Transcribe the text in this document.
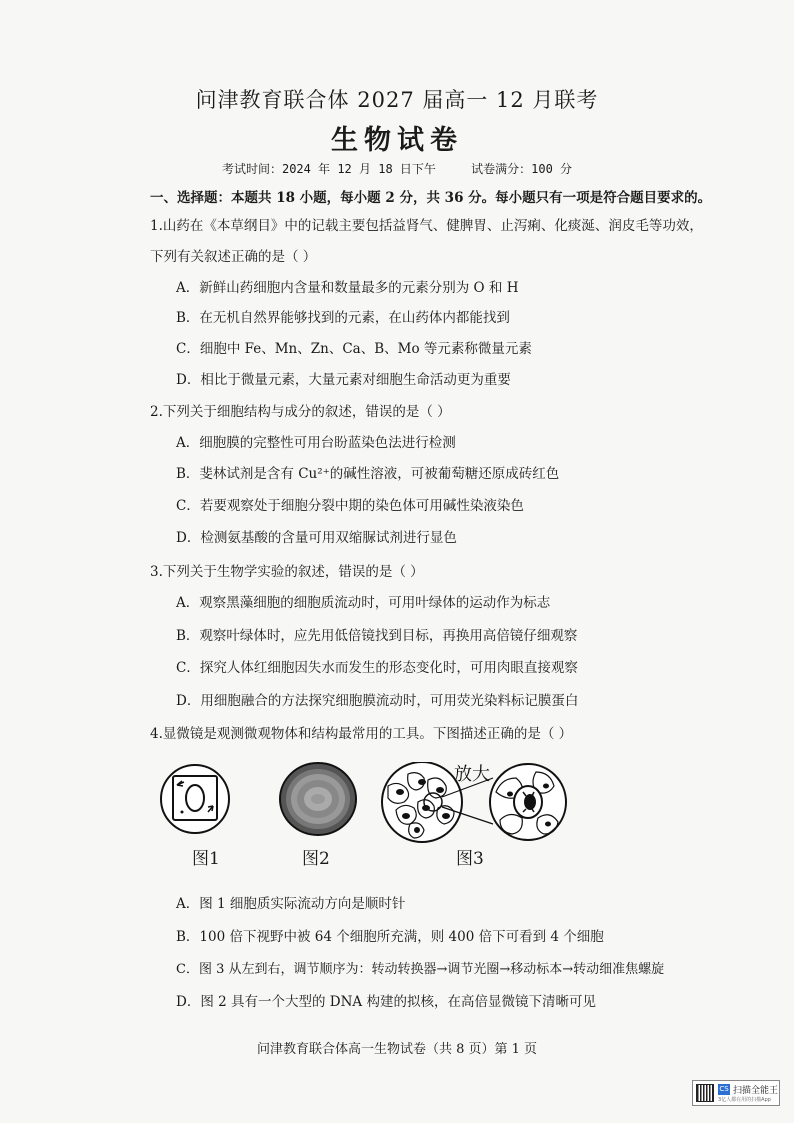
问津教育联合体 2027 届高一 12 月联考
生物试卷
考试时间：2024 年 12 月 18 日下午	试卷满分：100 分
一、选择题：本题共 18 小题，每小题 2 分，共 36 分。每小题只有一项是符合题目要求的。
1.山药在《本草纲目》中的记载主要包括益肾气、健脾胃、止泻痢、化痰涎、润皮毛等功效，
下列有关叙述正确的是（ ）
A．新鲜山药细胞内含量和数量最多的元素分别为 O 和 H
B．在无机自然界能够找到的元素，在山药体内都能找到
C．细胞中 Fe、Mn、Zn、Ca、B、Mo 等元素称微量元素
D．相比于微量元素，大量元素对细胞生命活动更为重要
2.下列关于细胞结构与成分的叙述，错误的是（ ）
A．细胞膜的完整性可用台盼蓝染色法进行检测
B．斐林试剂是含有 Cu²⁺的碱性溶液，可被葡萄糖还原成砖红色
C．若要观察处于细胞分裂中期的染色体可用碱性染液染色
D．检测氨基酸的含量可用双缩脲试剂进行显色
3.下列关于生物学实验的叙述，错误的是（ ）
A．观察黑藻细胞的细胞质流动时，可用叶绿体的运动作为标志
B．观察叶绿体时，应先用低倍镜找到目标，再换用高倍镜仔细观察
C．探究人体红细胞因失水而发生的形态变化时，可用肉眼直接观察
D．用细胞融合的方法探究细胞膜流动时，可用荧光染料标记膜蛋白
4.显微镜是观测微观物体和结构最常用的工具。下图描述正确的是（ ）
放大
图1	图2	图3
A．图 1 细胞质实际流动方向是顺时针
B．100 倍下视野中被 64 个细胞所充满，则 400 倍下可看到 4 个细胞
C．图 3 从左到右，调节顺序为：转动转换器→调节光圈→移动标本→转动细准焦螺旋
D．图 2 具有一个大型的 DNA 构建的拟核，在高倍显微镜下清晰可见
问津教育联合体高一生物试卷（共 8 页）第 1 页
CS 扫描全能王
3亿人都在用的扫描App
